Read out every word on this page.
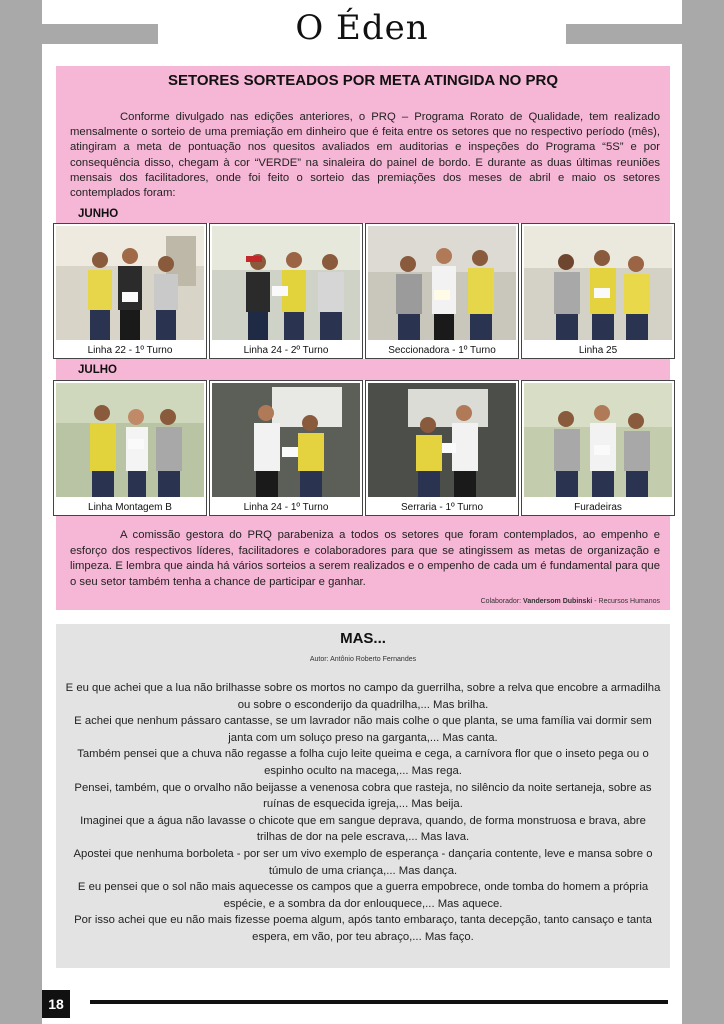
O Éden
SETORES SORTEADOS POR META ATINGIDA NO PRQ
Conforme divulgado nas edições anteriores, o PRQ – Programa Rorato de Qualidade, tem realizado mensalmente o sorteio de uma premiação em dinheiro que é feita entre os setores que no respectivo período (mês), atingiram a meta de pontuação nos quesitos avaliados em auditorias e inspeções do Programa “5S” e por consequência disso, chegam à cor “VERDE” na sinaleira do painel de bordo. E durante as duas últimas reuniões mensais dos facilitadores, onde foi feito o sorteio das premiações dos meses de abril e maio os setores contemplados foram:
JUNHO
Linha 22 - 1º Turno	Linha 24 - 2º Turno	Seccionadora - 1º Turno	Linha 25
JULHO
Linha Montagem B	Linha 24 - 1º Turno	Serraria - 1º Turno	Furadeiras
A comissão gestora do PRQ parabeniza a todos os setores que foram contemplados, ao empenho e esforço dos respectivos líderes, facilitadores e colaboradores para que se atingissem as metas de organização e limpeza. E lembra que ainda há vários sorteios a serem realizados e o empenho de cada um é fundamental para que o seu setor também tenha a chance de participar e ganhar.
Colaborador: Vandersom Dubinski - Recursos Humanos
MAS...
Autor: Antônio Roberto Fernandes

E eu que achei que a lua não brilhasse sobre os mortos no campo da guerrilha, sobre a relva que encobre a armadilha ou sobre o esconderijo da quadrilha,... Mas brilha.

E achei que nenhum pássaro cantasse, se um lavrador não mais colhe o que planta, se uma família vai dormir sem janta com um soluço preso na garganta,... Mas canta.

Também pensei que a chuva não regasse a folha cujo leite queima e cega, a carnívora flor que o inseto pega ou o espinho oculto na macega,... Mas rega.

Pensei, também, que o orvalho não beijasse a venenosa cobra que rasteja, no silêncio da noite sertaneja, sobre as ruínas de esquecida igreja,... Mas beija.

Imaginei que a água não lavasse o chicote que em sangue deprava, quando, de forma monstruosa e brava, abre trilhas de dor na pele escrava,... Mas lava.

Apostei que nenhuma borboleta - por ser um vivo exemplo de esperança - dançaria contente, leve e mansa sobre o túmulo de uma criança,... Mas dança.

E eu pensei que o sol não mais aquecesse os campos que a guerra empobrece, onde tomba do homem a própria espécie, e a sombra da dor enlouquece,... Mas aquece.

Por isso achei que eu não mais fizesse poema algum, após tanto embaraço, tanta decepção, tanto cansaço e tanta espera, em vão, por teu abraço,... Mas faço.

18
